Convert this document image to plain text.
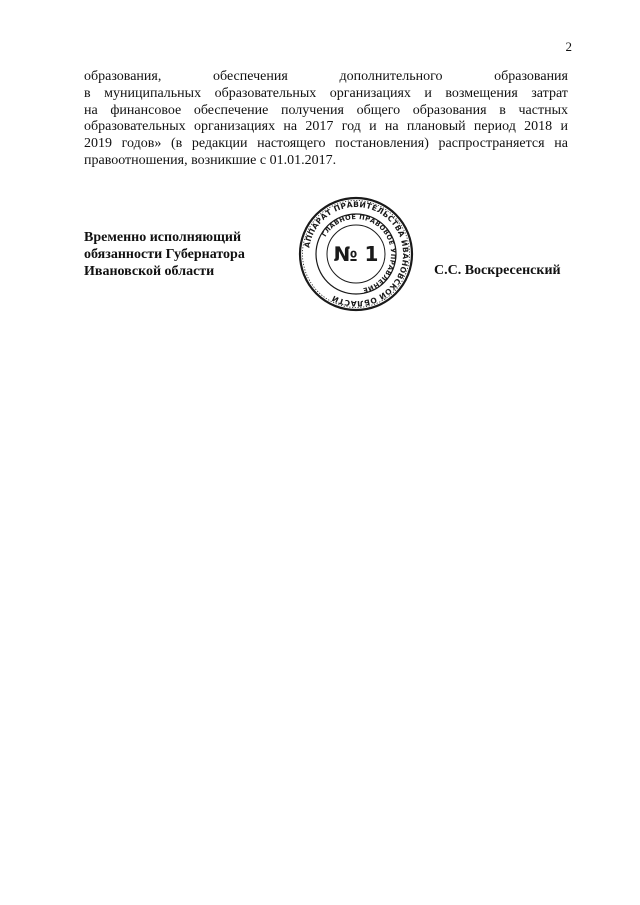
2
образования,	обеспечения	дополнительного	образования
в муниципальных образовательных организациях и возмещения затрат
на финансовое обеспечение получения общего образования в частных
образовательных организациях на 2017 год и на плановый период 2018 и
2019 годов» (в редакции настоящего постановления) распространяется на
правоотношения, возникшие с 01.01.2017.
Временно исполняющий
обязанности Губернатора
Ивановской области
АППАРАТ ПРАВИТЕЛЬСТВА ИВАНОВСКОЙ ОБЛАСТИ
ГЛАВНОЕ ПРАВОВОЕ УПРАВЛЕНИЕ
№ 1
С.С. Воскресенский
